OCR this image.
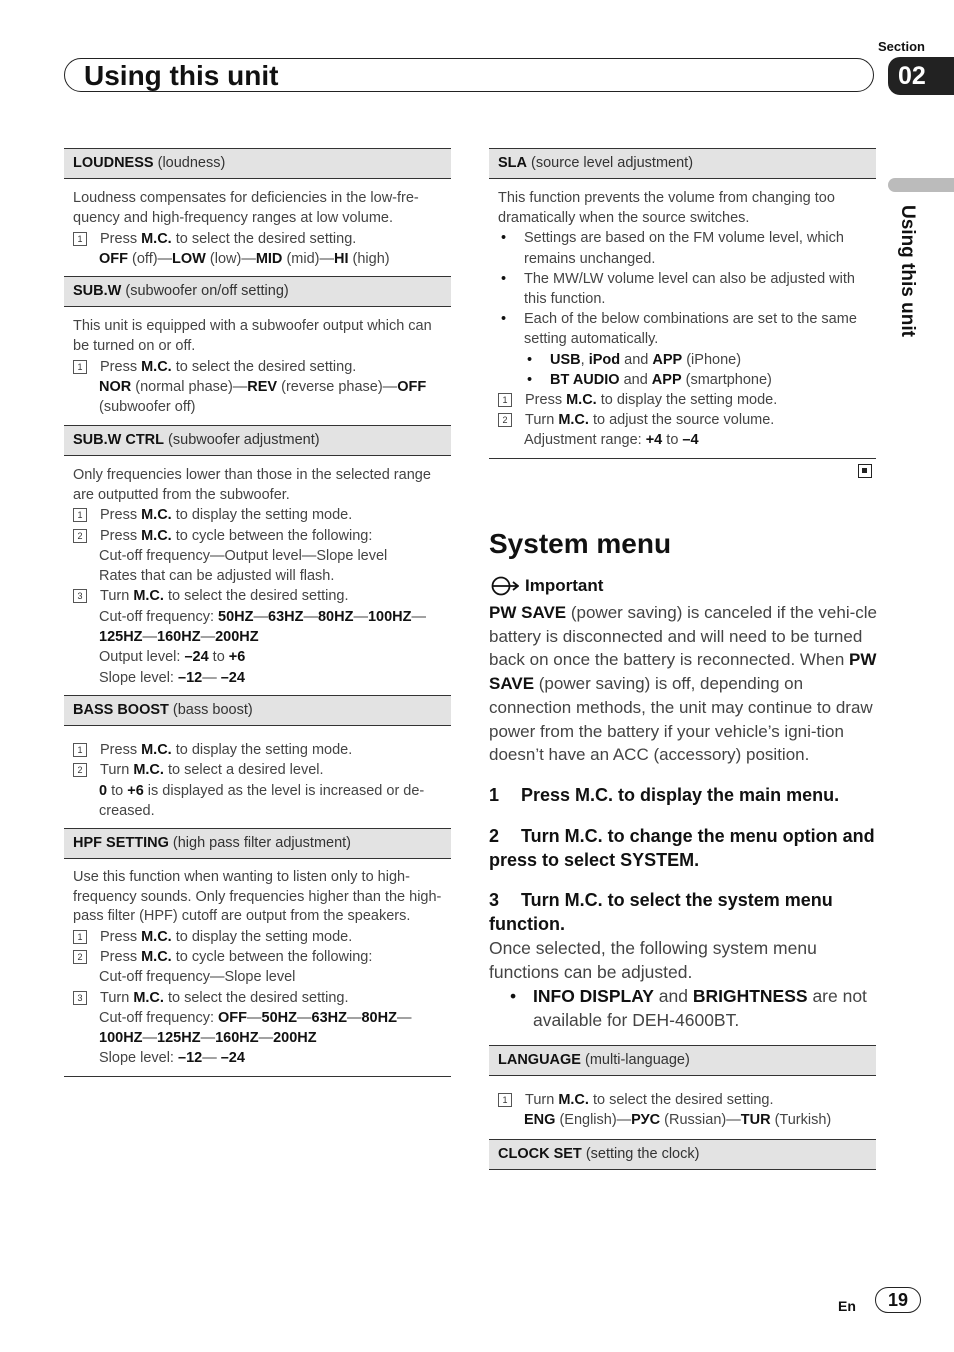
Using this unit
Section
02
Using this unit
LOUDNESS (loudness)
Loudness compensates for deficiencies in the low-fre-quency and high-frequency ranges at low volume.
1	Press M.C. to select the desired setting.
OFF (off)—LOW (low)—MID (mid)—HI (high)
SUB.W (subwoofer on/off setting)
This unit is equipped with a subwoofer output which can be turned on or off.
1	Press M.C. to select the desired setting.
NOR (normal phase)—REV (reverse phase)—OFF (subwoofer off)
SUB.W CTRL (subwoofer adjustment)
Only frequencies lower than those in the selected range are outputted from the subwoofer.
1	Press M.C. to display the setting mode.
2	Press M.C. to cycle between the following:
Cut-off frequency—Output level—Slope level
Rates that can be adjusted will flash.
3	Turn M.C. to select the desired setting.
Cut-off frequency: 50HZ—63HZ—80HZ—100HZ—125HZ—160HZ—200HZ
Output level: –24 to +6
Slope level: –12— –24
BASS BOOST (bass boost)
1	Press M.C. to display the setting mode.
2	Turn M.C. to select a desired level.
0 to +6 is displayed as the level is increased or de-creased.
HPF SETTING (high pass filter adjustment)
Use this function when wanting to listen only to high-frequency sounds. Only frequencies higher than the high-pass filter (HPF) cutoff are output from the speakers.
1	Press M.C. to display the setting mode.
2	Press M.C. to cycle between the following:
Cut-off frequency—Slope level
3	Turn M.C. to select the desired setting.
Cut-off frequency: OFF—50HZ—63HZ—80HZ—100HZ—125HZ—160HZ—200HZ
Slope level: –12— –24
SLA (source level adjustment)
This function prevents the volume from changing too dramatically when the source switches.
•	Settings are based on the FM volume level, which remains unchanged.
•	The MW/LW volume level can also be adjusted with this function.
•	Each of the below combinations are set to the same setting automatically.
•	USB, iPod and APP (iPhone)
•	BT AUDIO and APP (smartphone)
1	Press M.C. to display the setting mode.
2	Turn M.C. to adjust the source volume.
Adjustment range: +4 to –4
System menu
Important
PW SAVE (power saving) is canceled if the vehi-cle battery is disconnected and will need to be turned back on once the battery is reconnected. When PW SAVE (power saving) is off, depending on connection methods, the unit may continue to draw power from the battery if your vehicle’s igni-tion doesn’t have an ACC (accessory) position.
1 Press M.C. to display the main menu.
2 Turn M.C. to change the menu option and press to select SYSTEM.
3 Turn M.C. to select the system menu function.
Once selected, the following system menu functions can be adjusted.
• INFO DISPLAY and BRIGHTNESS are not available for DEH-4600BT.
LANGUAGE (multi-language)
1	Turn M.C. to select the desired setting.
ENG (English)—РУС (Russian)—TUR (Turkish)
CLOCK SET (setting the clock)
En	19
